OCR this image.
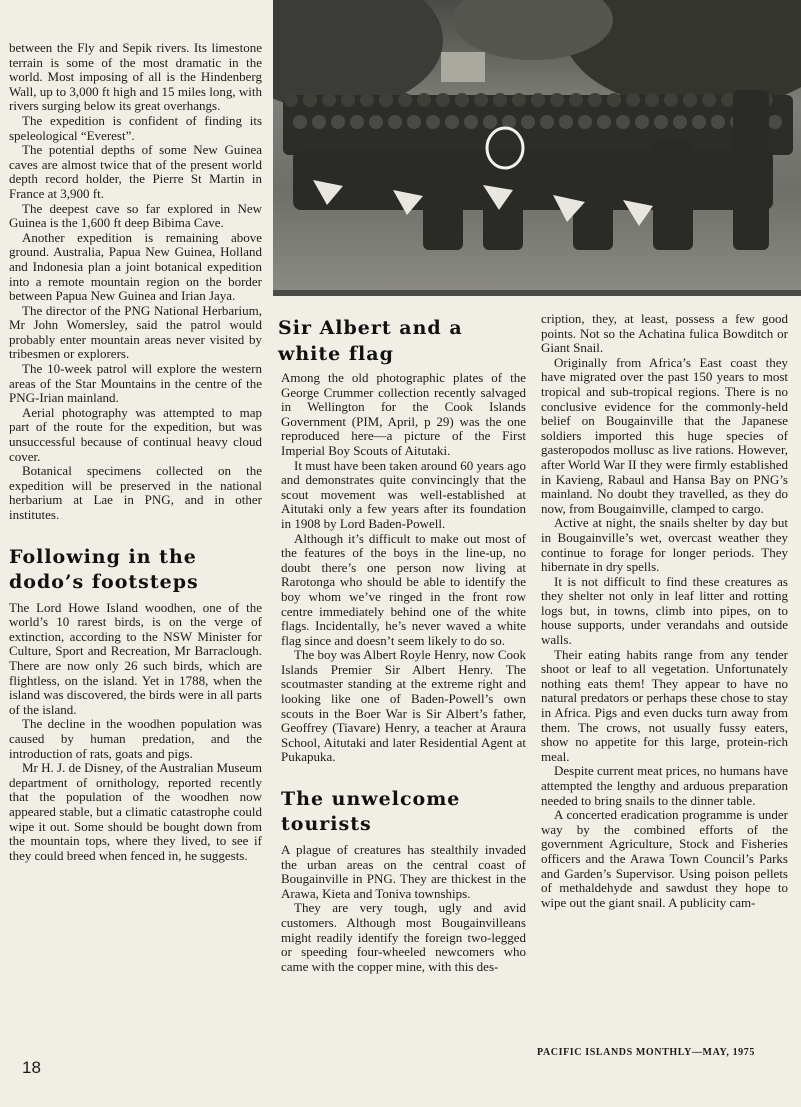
between the Fly and Sepik rivers. Its limestone terrain is some of the most dramatic in the world. Most imposing of all is the Hindenberg Wall, up to 3,000 ft high and 15 miles long, with rivers surging below its great overhangs.

The expedition is confident of finding its speleological “Everest”.

The potential depths of some New Guinea caves are almost twice that of the present world depth record holder, the Pierre St Martin in France at 3,900 ft.

The deepest cave so far explored in New Guinea is the 1,600 ft deep Bibima Cave.

Another expedition is remaining above ground. Australia, Papua New Guinea, Holland and Indonesia plan a joint botanical expedition into a remote mountain region on the border between Papua New Guinea and Irian Jaya.

The director of the PNG National Herbarium, Mr John Womersley, said the patrol would probably enter mountain areas never visited by tribesmen or explorers.

The 10-week patrol will explore the western areas of the Star Mountains in the centre of the PNG-Irian mainland.

Aerial photography was attempted to map part of the route for the expedition, but was unsuccessful because of continual heavy cloud cover.

Botanical specimens collected on the expedition will be preserved in the national herbarium at Lae in PNG, and in other institutes.

Following in the dodo’s footsteps

The Lord Howe Island woodhen, one of the world’s 10 rarest birds, is on the verge of extinction, according to the NSW Minister for Culture, Sport and Recreation, Mr Barraclough. There are now only 26 such birds, which are flightless, on the island. Yet in 1788, when the island was discovered, the birds were in all parts of the island.

The decline in the woodhen population was caused by human predation, and the introduction of rats, goats and pigs.

Mr H. J. de Disney, of the Australian Museum department of ornithology, reported recently that the population of the woodhen now appeared stable, but a climatic catastrophe could wipe it out. Some should be bought down from the mountain tops, where they lived, to see if they could breed when fenced in, he suggests.

Sir Albert and a white flag

Among the old photographic plates of the George Crummer collection recently salvaged in Wellington for the Cook Islands Government (PIM, April, p 29) was the one reproduced here—a picture of the First Imperial Boy Scouts of Aitutaki.

It must have been taken around 60 years ago and demonstrates quite convincingly that the scout movement was well-established at Aitutaki only a few years after its foundation in 1908 by Lord Baden-Powell.

Although it’s difficult to make out most of the features of the boys in the line-up, no doubt there’s one person now living at Rarotonga who should be able to identify the boy whom we’ve ringed in the front row centre immediately behind one of the white flags. Incidentally, he’s never waved a white flag since and doesn’t seem likely to do so.

The boy was Albert Royle Henry, now Cook Islands Premier Sir Albert Henry. The scoutmaster standing at the extreme right and looking like one of Baden-Powell’s own scouts in the Boer War is Sir Albert’s father, Geoffrey (Tiavare) Henry, a teacher at Araura School, Aitutaki and later Residential Agent at Pukapuka.

The unwelcome tourists

A plague of creatures has stealthily invaded the urban areas on the central coast of Bougainville in PNG. They are thickest in the Arawa, Kieta and Toniva townships.

They are very tough, ugly and avid customers. Although most Bougainvilleans might readily identify the foreign two-legged or speeding four-wheeled newcomers who came with the copper mine, with this des-

cription, they, at least, possess a few good points. Not so the Achatina fulica Bowditch or Giant Snail.

Originally from Africa’s East coast they have migrated over the past 150 years to most tropical and sub-tropical regions. There is no conclusive evidence for the commonly-held belief on Bougainville that the Japanese soldiers imported this huge species of gasteropodos mollusc as live rations. However, after World War II they were firmly established in Kavieng, Rabaul and Hansa Bay on PNG’s mainland. No doubt they travelled, as they do now, from Bougainville, clamped to cargo.

Active at night, the snails shelter by day but in Bougainville’s wet, overcast weather they continue to forage for longer periods. They hibernate in dry spells.

It is not difficult to find these creatures as they shelter not only in leaf litter and rotting logs but, in towns, climb into pipes, on to house supports, under verandahs and outside walls.

Their eating habits range from any tender shoot or leaf to all vegetation. Unfortunately nothing eats them! They appear to have no natural predators or perhaps these chose to stay in Africa. Pigs and even ducks turn away from them. The crows, not usually fussy eaters, show no appetite for this large, protein-rich meal.

Despite current meat prices, no humans have attempted the lengthy and arduous preparation needed to bring snails to the dinner table.

A concerted eradication programme is under way by the combined efforts of the government Agriculture, Stock and Fisheries officers and the Arawa Town Council’s Parks and Garden’s Supervisor. Using poison pellets of methaldehyde and sawdust they hope to wipe out the giant snail. A publicity cam-

18
PACIFIC ISLANDS MONTHLY—MAY, 1975
